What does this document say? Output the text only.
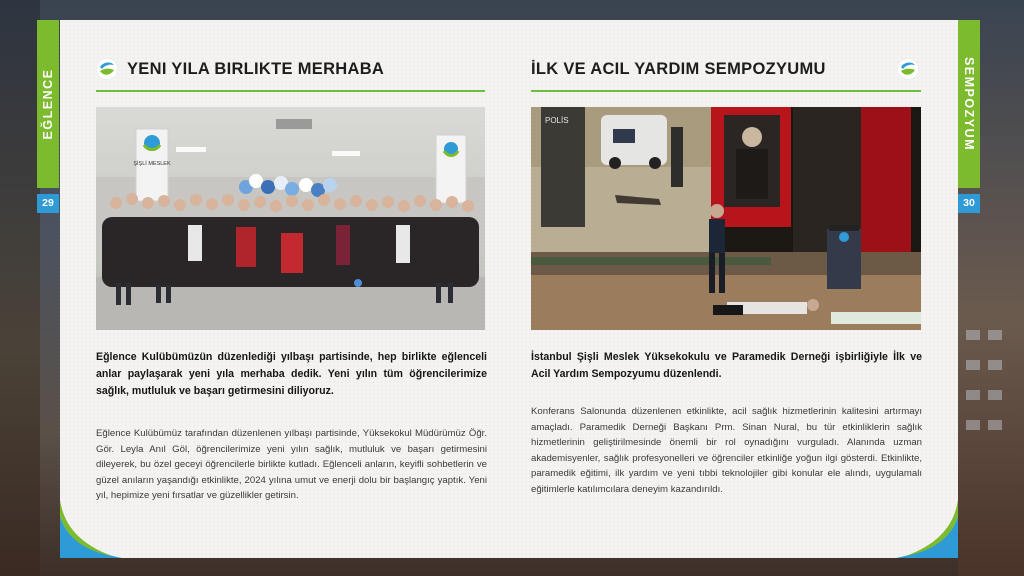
EĞLENCE
29
SEMPOZYUM
30
YENI YILA BIRLIKTE MERHABA
ŞİŞLİ MESLEK
Eğlence Kulübümüzün düzenlediği yılbaşı partisinde, hep birlikte eğlenceli anlar paylaşarak yeni yıla merhaba dedik. Yeni yılın tüm öğrencilerimize sağlık, mutluluk ve başarı getirmesini diliyoruz.
Eğlence Kulübümüz tarafından düzenlenen yılbaşı partisinde, Yüksekokul Müdürümüz Öğr. Gör. Leyla Anıl Göl, öğrencilerimize yeni yılın sağlık, mutluluk ve başarı getirmesini dileyerek, bu özel geceyi öğrencilerle birlikte kutladı. Eğlenceli anların, keyifli sohbetlerin ve güzel anıların yaşandığı etkinlikte, 2024 yılına umut ve enerji dolu bir başlangıç yaptık. Yeni yıl, hepimize yeni fırsatlar ve güzellikler getirsin.
İLK VE ACIL YARDIM SEMPOZYUMU
POLİS
İstanbul Şişli Meslek Yüksekokulu ve Paramedik Derneği işbirliğiyle İlk ve Acil Yardım Sempozyumu düzenlendi.
Konferans Salonunda düzenlenen etkinlikte, acil sağlık hizmetlerinin kalitesini artırmayı amaçladı. Paramedik Derneği Başkanı Prm. Sinan Nural, bu tür etkinliklerin sağlık hizmetlerinin geliştirilmesinde önemli bir rol oynadığını vurguladı. Alanında uzman akademisyenler, sağlık profesyonelleri ve öğrenciler etkinliğe yoğun ilgi gösterdi. Etkinlikte, paramedik eğitimi, ilk yardım ve yeni tıbbi teknolojiler gibi konular ele alındı, uygulamalı eğitimlerle katılımcılara deneyim kazandırıldı.
